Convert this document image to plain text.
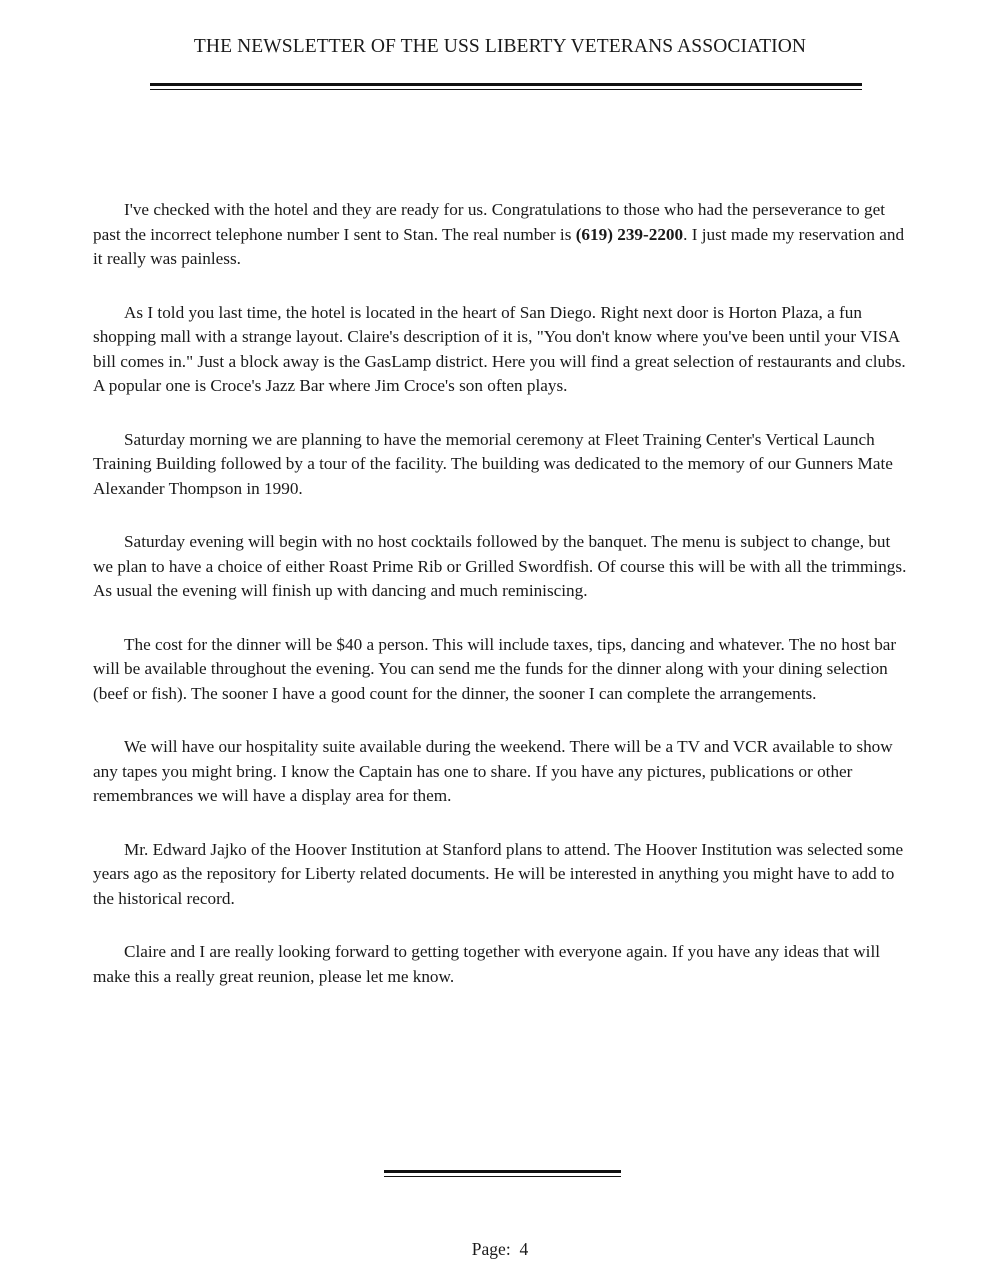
THE NEWSLETTER OF THE USS LIBERTY VETERANS ASSOCIATION

I've checked with the hotel and they are ready for us. Congratulations to those who had the perseverance to get past the incorrect telephone number I sent to Stan. The real number is (619) 239-2200. I just made my reservation and it really was painless.

As I told you last time, the hotel is located in the heart of San Diego. Right next door is Horton Plaza, a fun shopping mall with a strange layout. Claire's description of it is, "You don't know where you've been until your VISA bill comes in." Just a block away is the GasLamp district. Here you will find a great selection of restaurants and clubs. A popular one is Croce's Jazz Bar where Jim Croce's son often plays.

Saturday morning we are planning to have the memorial ceremony at Fleet Training Center's Vertical Launch Training Building followed by a tour of the facility. The building was dedicated to the memory of our Gunners Mate Alexander Thompson in 1990.

Saturday evening will begin with no host cocktails followed by the banquet. The menu is subject to change, but we plan to have a choice of either Roast Prime Rib or Grilled Swordfish. Of course this will be with all the trimmings. As usual the evening will finish up with dancing and much reminiscing.

The cost for the dinner will be $40 a person. This will include taxes, tips, dancing and whatever. The no host bar will be available throughout the evening. You can send me the funds for the dinner along with your dining selection (beef or fish). The sooner I have a good count for the dinner, the sooner I can complete the arrangements.

We will have our hospitality suite available during the weekend. There will be a TV and VCR available to show any tapes you might bring. I know the Captain has one to share. If you have any pictures, publications or other remembrances we will have a display area for them.

Mr. Edward Jajko of the Hoover Institution at Stanford plans to attend. The Hoover Institution was selected some years ago as the repository for Liberty related documents. He will be interested in anything you might have to add to the historical record.

Claire and I are really looking forward to getting together with everyone again. If you have any ideas that will make this a really great reunion, please let me know.

Page: 4
